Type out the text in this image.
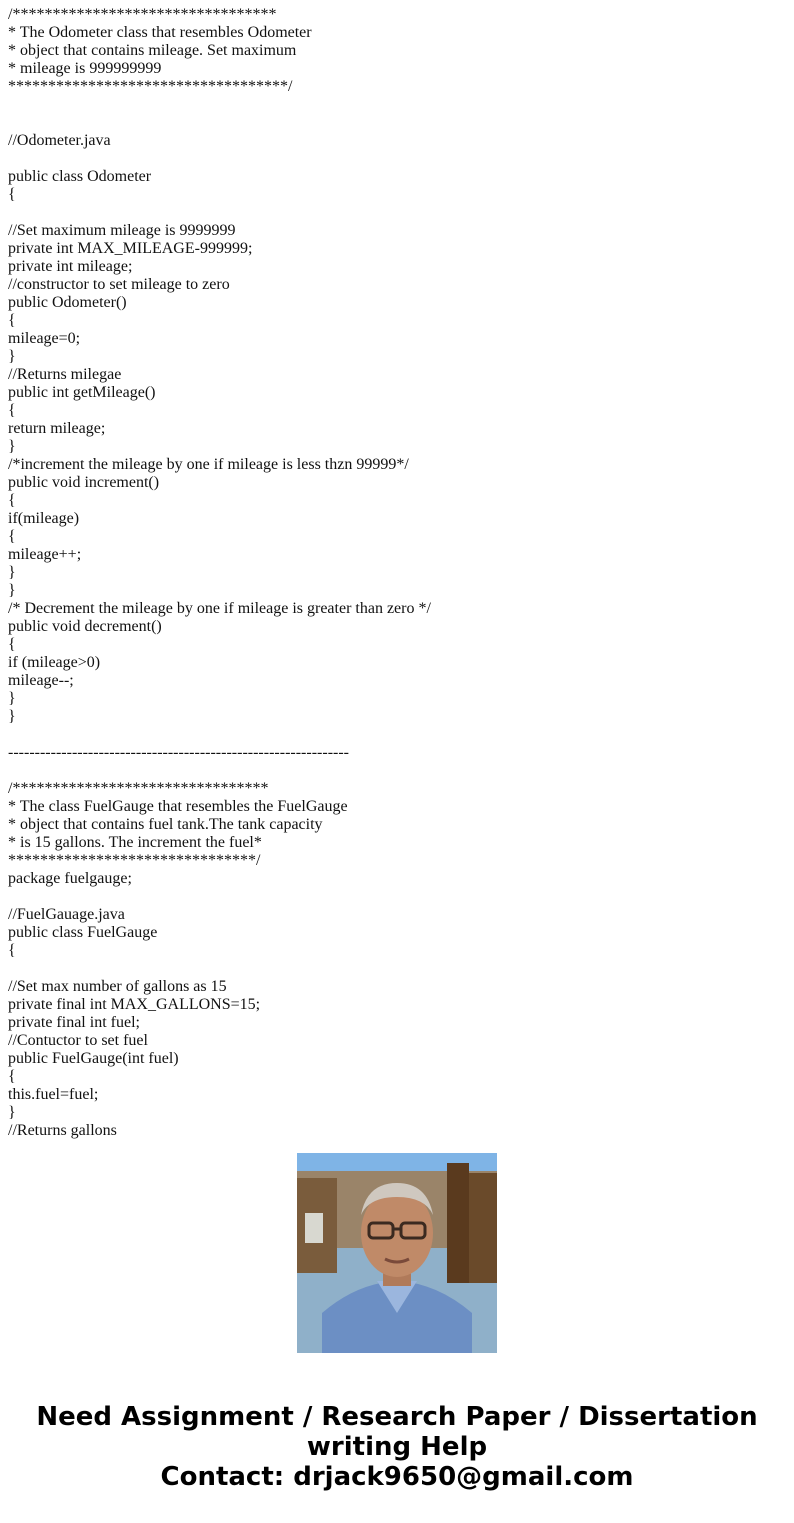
/*********************************
* The Odometer class that resembles Odometer
* object that contains mileage. Set maximum
* mileage is 999999999
***********************************/
//Odometer.java
public class Odometer
{
//Set maximum mileage is 9999999
private int MAX_MILEAGE-999999;
private int mileage;
//constructor to set mileage to zero
public Odometer()
{
mileage=0;
}
//Returns milegae
public int getMileage()
{
return mileage;
}
/*increment the mileage by one if mileage is less thzn 99999*/
public void increment()
{
if(mileage)
{
mileage++;
}
}
/* Decrement the mileage by one if mileage is greater than zero */
public void decrement()
{
if (mileage>0)
mileage--;
}
}
----------------------------------------------------------------
/********************************
* The class FuelGauge that resembles the FuelGauge
* object that contains fuel tank.The tank capacity
* is 15 gallons. The increment the fuel*
*******************************/
package fuelgauge;
//FuelGauage.java
public class FuelGauge
{
//Set max number of gallons as 15
private final int MAX_GALLONS=15;
private final int fuel;
//Contuctor to set fuel
public FuelGauge(int fuel)
{
this.fuel=fuel;
}
//Returns gallons
Need Assignment / Research Paper / Dissertation
writing Help
Contact: drjack9650@gmail.com
